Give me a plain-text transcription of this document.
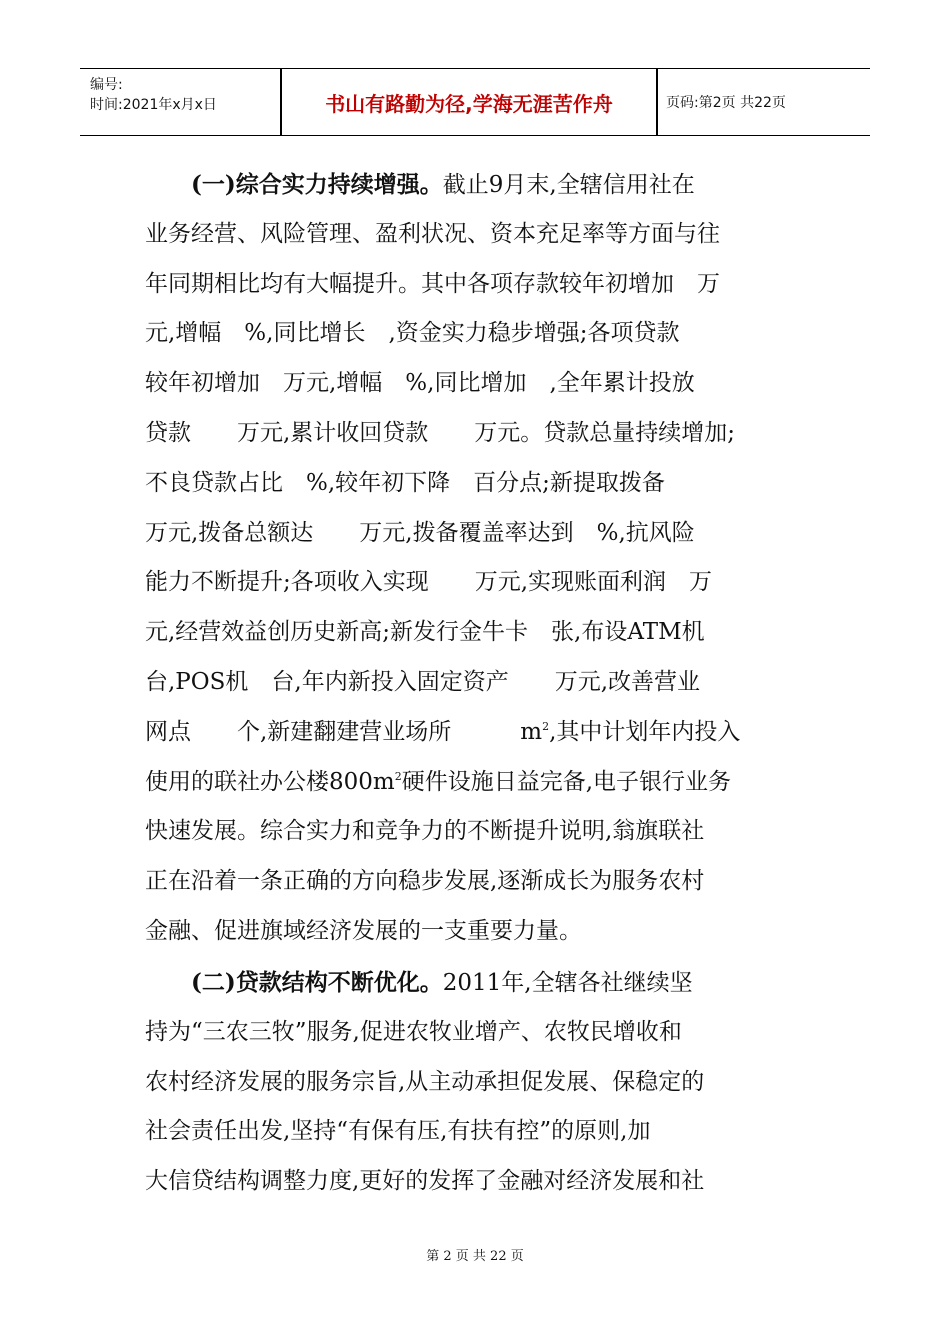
编号:
时间:2021年x月x日	书山有路勤为径,学海无涯苦作舟	页码:第2页 共22页
(一)综合实力持续增强。截止9月末,全辖信用社在
业务经营、风险管理、盈利状况、资本充足率等方面与往
年同期相比均有大幅提升。其中各项存款较年初增加　万
元,增幅　%,同比增长　,资金实力稳步增强;各项贷款
较年初增加　万元,增幅　%,同比增加　,全年累计投放
贷款　　万元,累计收回贷款　　万元。贷款总量持续增加;
不良贷款占比　%,较年初下降　百分点;新提取拨备
万元,拨备总额达　　万元,拨备覆盖率达到　%,抗风险
能力不断提升;各项收入实现　　万元,实现账面利润　万
元,经营效益创历史新高;新发行金牛卡　张,布设ATM机
台,POS机　台,年内新投入固定资产　　万元,改善营业
网点　　个,新建翻建营业场所　　　$m^2$,其中计划年内投入
使用的联社办公楼$800m^2$硬件设施日益完备,电子银行业务
快速发展。综合实力和竞争力的不断提升说明,翁旗联社
正在沿着一条正确的方向稳步发展,逐渐成长为服务农村
金融、促进旗域经济发展的一支重要力量。
(二)贷款结构不断优化。2011年,全辖各社继续坚
持为“三农三牧”服务,促进农牧业增产、农牧民增收和
农村经济发展的服务宗旨,从主动承担促发展、保稳定的
社会责任出发,坚持“有保有压,有扶有控”的原则,加
大信贷结构调整力度,更好的发挥了金融对经济发展和社
第 2 页 共 22 页
